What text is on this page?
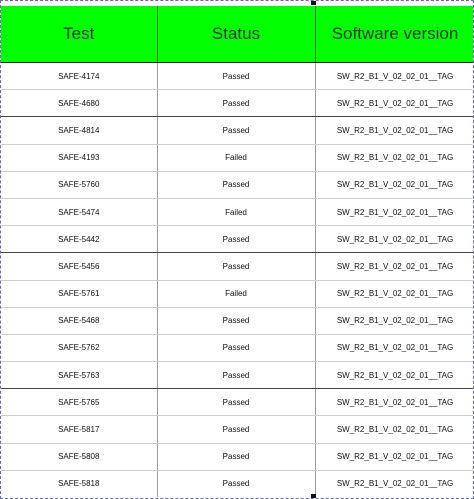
Test	Status	Software version
SAFE-4174	Passed	SW_R2_B1_V_02_02_01__TAG
SAFE-4680	Passed	SW_R2_B1_V_02_02_01__TAG
SAFE-4814	Passed	SW_R2_B1_V_02_02_01__TAG
SAFE-4193	Failed	SW_R2_B1_V_02_02_01__TAG
SAFE-5760	Passed	SW_R2_B1_V_02_02_01__TAG
SAFE-5474	Failed	SW_R2_B1_V_02_02_01__TAG
SAFE-5442	Passed	SW_R2_B1_V_02_02_01__TAG
SAFE-5456	Passed	SW_R2_B1_V_02_02_01__TAG
SAFE-5761	Failed	SW_R2_B1_V_02_02_01__TAG
SAFE-5468	Passed	SW_R2_B1_V_02_02_01__TAG
SAFE-5762	Passed	SW_R2_B1_V_02_02_01__TAG
SAFE-5763	Passed	SW_R2_B1_V_02_02_01__TAG
SAFE-5765	Passed	SW_R2_B1_V_02_02_01__TAG
SAFE-5817	Passed	SW_R2_B1_V_02_02_01__TAG
SAFE-5808	Passed	SW_R2_B1_V_02_02_01__TAG
SAFE-5818	Passed	SW_R2_B1_V_02_02_01__TAG
